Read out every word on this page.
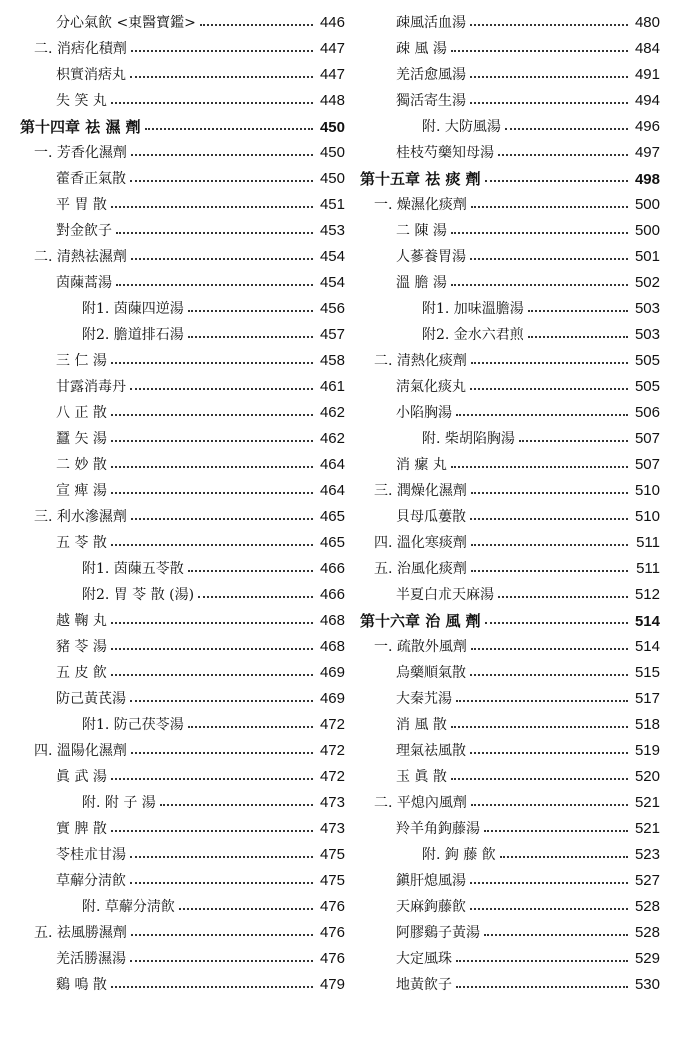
分心氣飮 <東醫寶鑑>	446
二. 消痞化積劑	447
枳實消痞丸	447
失 笑 丸	448
第十四章 祛 濕 劑	450
一. 芳香化濕劑	450
藿香正氣散	450
平 胃 散	451
對金飮子	453
二. 清熱祛濕劑	454
茵蔯蒿湯	454
附1. 茵蔯四逆湯	456
附2. 膽道排石湯	457
三 仁 湯	458
甘露消毒丹	461
八 正 散	462
蠶 矢 湯	462
二 妙 散	464
宣 痺 湯	464
三. 利水滲濕劑	465
五 苓 散	465
附1. 茵蔯五苓散	466
附2. 胃 苓 散 (湯)	466
越 鞠 丸	468
豬 苓 湯	468
五 皮 飮	469
防己黃芪湯	469
附1. 防己茯苓湯	472
四. 溫陽化濕劑	472
眞 武 湯	472
附. 附 子 湯	473
實 脾 散	473
苓桂朮甘湯	475
草薢分淸飮	475
附. 草薢分淸飮	476
五. 祛風勝濕劑	476
羌活勝濕湯	476
鷄 鳴 散	479
疎風活血湯	480
疎 風 湯	484
羌活愈風湯	491
獨活寄生湯	494
附. 大防風湯	496
桂枝芍藥知母湯	497
第十五章 祛 痰 劑	498
一. 燥濕化痰劑	500
二 陳 湯	500
人蔘養胃湯	501
溫 膽 湯	502
附1. 加味溫膽湯	503
附2. 金水六君煎	503
二. 清熱化痰劑	505
淸氣化痰丸	505
小陷胸湯	506
附. 柴胡陷胸湯	507
消 瘰 丸	507
三. 潤燥化濕劑	510
貝母瓜蔞散	510
四. 溫化寒痰劑	511
五. 治風化痰劑	511
半夏白朮天麻湯	512
第十六章 治 風 劑	514
一. 疏散外風劑	514
烏藥順氣散	515
大秦艽湯	517
消 風 散	518
理氣祛風散	519
玉 眞 散	520
二. 平熄內風劑	521
羚羊角鉤藤湯	521
附. 鉤 藤 飮	523
鎭肝熄風湯	527
天麻鉤藤飮	528
阿膠鷄子黃湯	528
大定風珠	529
地黃飮子	530
